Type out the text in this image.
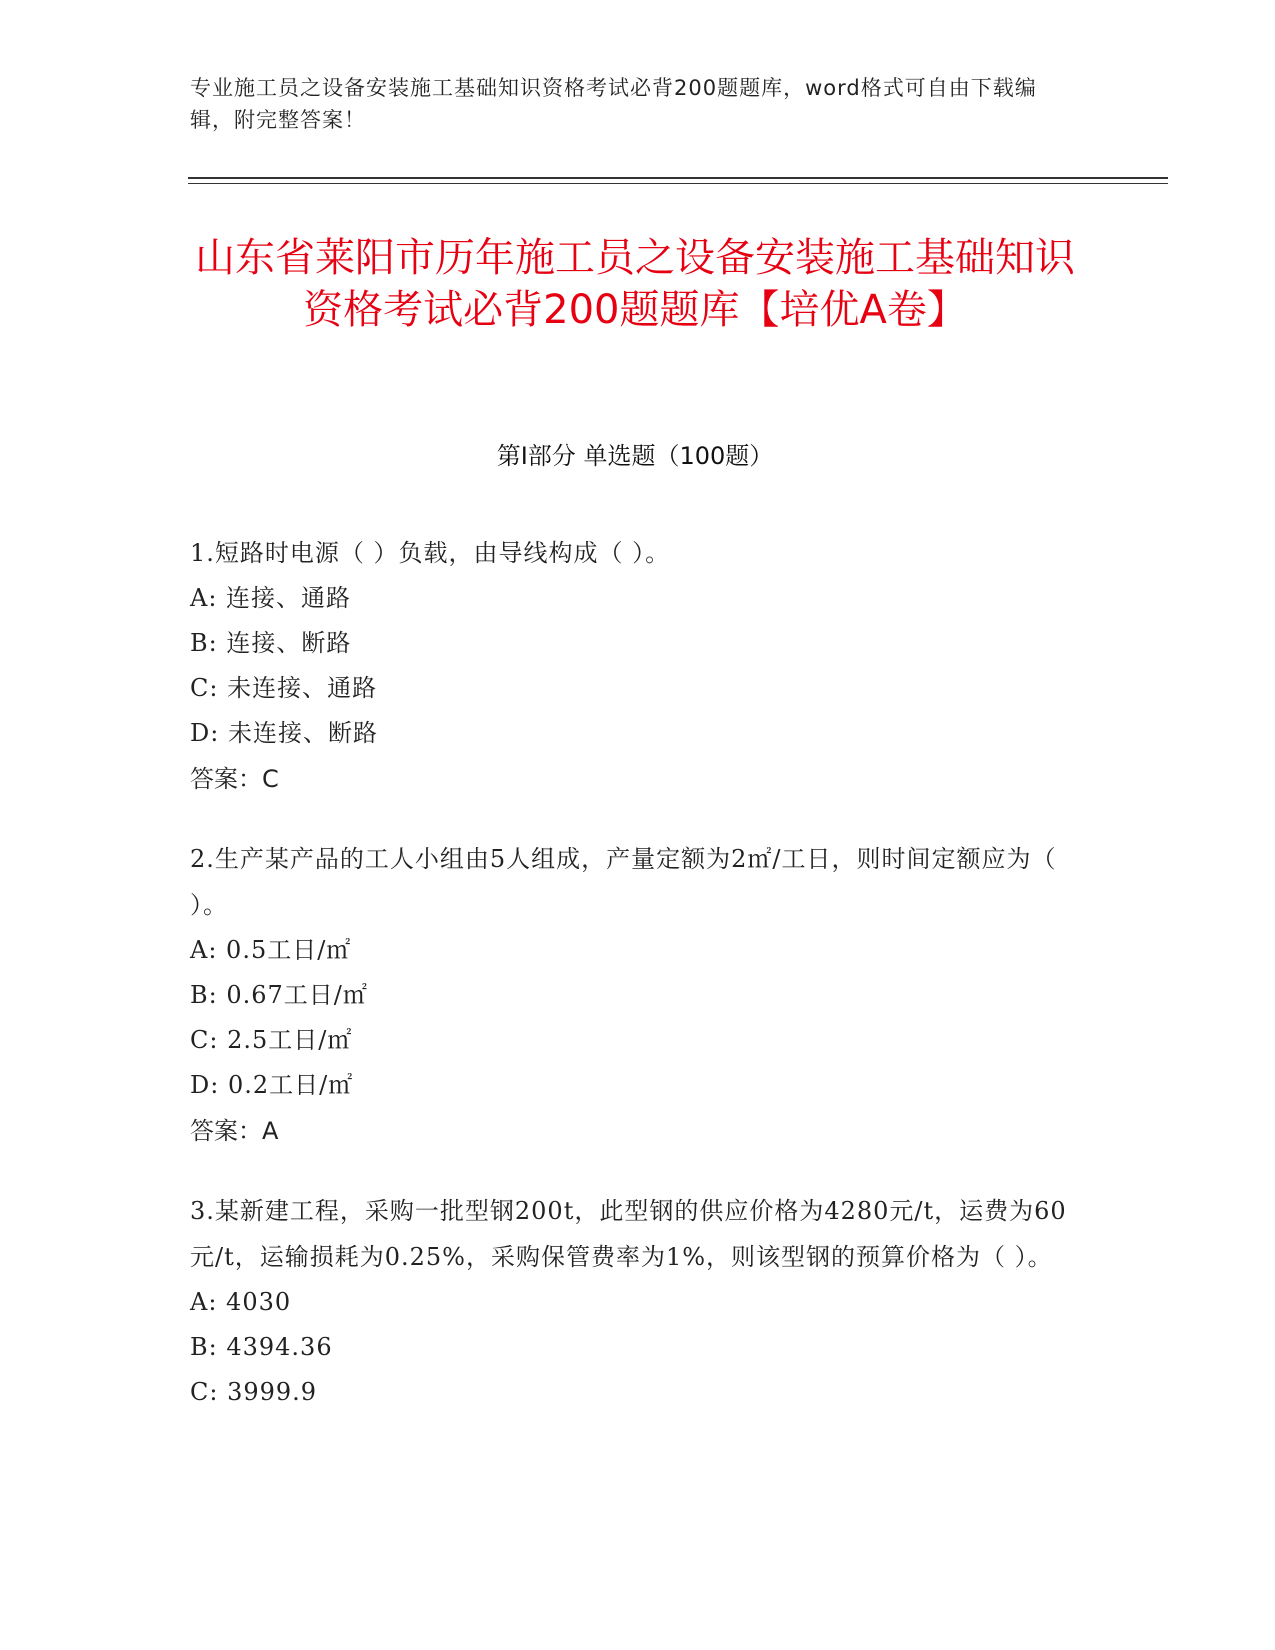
专业施工员之设备安装施工基础知识资格考试必背200题题库，word格式可自由下载编辑，附完整答案！
山东省莱阳市历年施工员之设备安装施工基础知识资格考试必背200题题库【培优A卷】
第I部分 单选题（100题）
1.短路时电源（ ）负载，由导线构成（ ）。
A: 连接、通路
B: 连接、断路
C: 未连接、通路
D: 未连接、断路
答案：C
2.生产某产品的工人小组由5人组成，产量定额为2㎡/工日，则时间定额应为（ ）。
A: 0.5工日/㎡
B: 0.67工日/㎡
C: 2.5工日/㎡
D: 0.2工日/㎡
答案：A
3.某新建工程，采购一批型钢200t，此型钢的供应价格为4280元/t，运费为60元/t，运输损耗为0.25%，采购保管费率为1%，则该型钢的预算价格为（ ）。
A: 4030
B: 4394.36
C: 3999.9
